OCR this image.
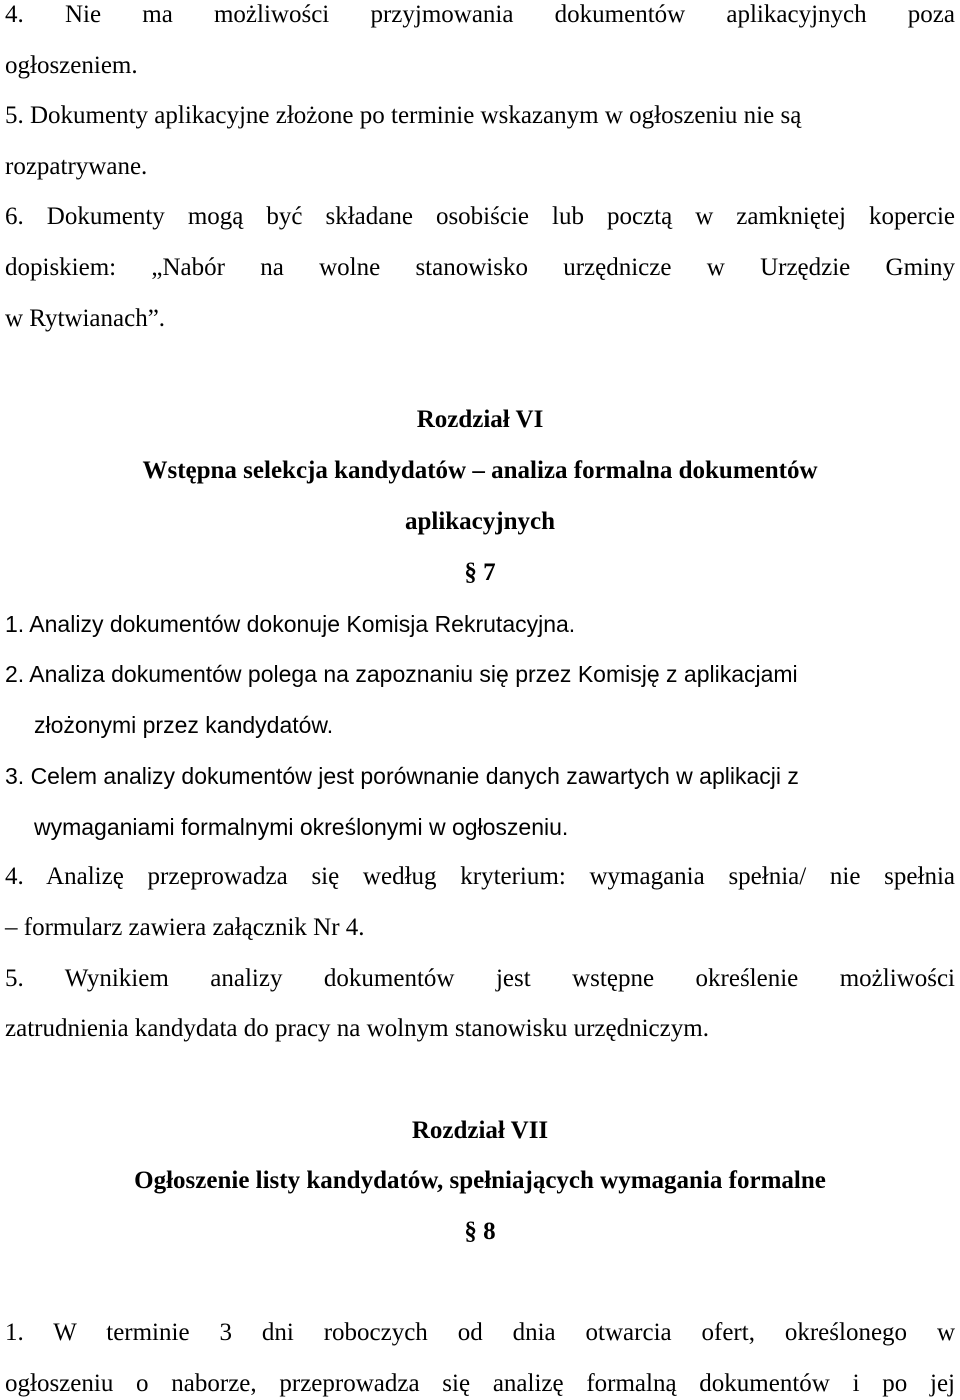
4. Nie ma możliwości przyjmowania dokumentów aplikacyjnych poza
ogłoszeniem.
5. Dokumenty aplikacyjne złożone po terminie wskazanym w ogłoszeniu nie są
rozpatrywane.
6. Dokumenty mogą być składane osobiście lub pocztą w zamkniętej kopercie
dopiskiem: „Nabór na wolne stanowisko urzędnicze w Urzędzie Gminy
w Rytwianach”.
Rozdział VI
Wstępna selekcja kandydatów – analiza formalna dokumentów
aplikacyjnych
§ 7
1. Analizy dokumentów dokonuje Komisja Rekrutacyjna.
2. Analiza dokumentów polega na zapoznaniu się przez Komisję z aplikacjami
złożonymi przez kandydatów.
3. Celem analizy dokumentów jest porównanie danych zawartych w aplikacji z
wymaganiami formalnymi określonymi w ogłoszeniu.
4. Analizę przeprowadza się według kryterium: wymagania spełnia/ nie spełnia
– formularz zawiera załącznik Nr 4.
5. Wynikiem analizy dokumentów jest wstępne określenie możliwości
zatrudnienia kandydata do pracy na wolnym stanowisku urzędniczym.
Rozdział VII
Ogłoszenie listy kandydatów, spełniających wymagania formalne
§ 8
1. W terminie 3 dni roboczych od dnia otwarcia ofert, określonego w
ogłoszeniu o naborze, przeprowadza się analizę formalną dokumentów i po jej
